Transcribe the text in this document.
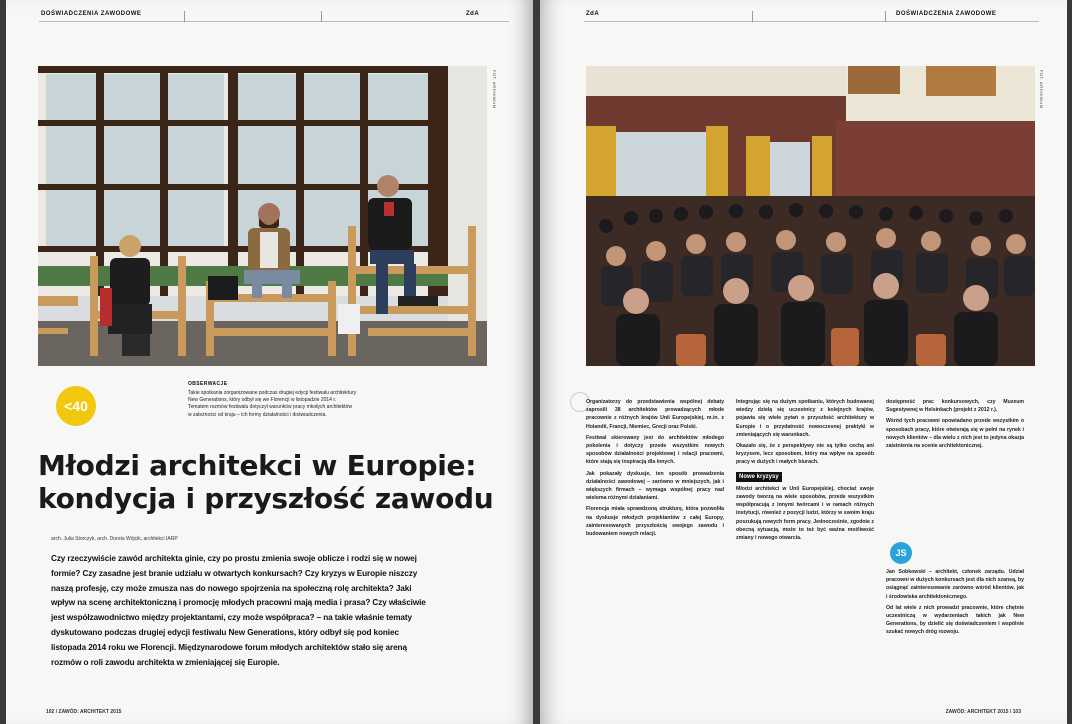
DOŚWIADCZENIA ZAWODOWE	ZdA
FOT. ARCHIWUM
<40
OBSERWACJE
Takie spotkania zorganizowane podczas drugiej edycji festiwalu architektury
New Generations, który odbył się we Florencji w listopadzie 2014 r.
Tematem rozmów festiwalu dotyczył warunków pracy młodych architektów
w zależności od kraju – ich formy działalności i doświadczenia.
Młodzi architekci w Europie:
kondycja i przyszłość zawodu
arch. Julia Storczyk, arch. Dorota Wójcik, architekci IARP
Czy rzeczywiście zawód architekta ginie, czy po prostu zmienia swoje oblicze i rodzi się w nowej
formie? Czy zasadne jest branie udziału w otwartych konkursach? Czy kryzys w Europie niszczy
naszą profesję, czy może zmusza nas do nowego spojrzenia na społeczną rolę architekta? Jaki
wpływ na scenę architektoniczną i promocję młodych pracowni mają media i prasa? Czy właściwie
jest współzawodnictwo między projektantami, czy może współpraca? – na takie właśnie tematy
dyskutowano podczas drugiej edycji festiwalu New Generations, który odbył się pod koniec
listopada 2014 roku we Florencji. Międzynarodowe forum młodych architektów stało się areną
rozmów o roli zawodu architekta w zmieniającej się Europie.
102 / ZAWÓD: ARCHITEKT 2015
ZdA	DOŚWIADCZENIA ZAWODOWE
FOT. ARCHIWUM

Organizatorzy do przedstawienia wspólnej debaty zaprosili 38 architektów prowadzących młode pracownie z różnych krajów Unii Europejskiej, m.in. z Holandii, Francji, Niemiec, Grecji oraz Polski.

Festiwal skierowany jest do architektów młodego pokolenia i dotyczy przede wszystkim nowych sposobów działalności projektowej i relacji pracowni, które stają się inspiracją dla innych.

Jak pokazały dyskusje, ten sposób prowadzenia działalności zawodowej – zarówno w mniejszych, jak i większych firmach – wymaga wspólnej pracy nad wieloma różnymi działaniami.

Florencja miała sprawdzoną strukturę, która pozwoliła na dyskusje młodych projektantów z całej Europy, zainteresowanych przyszłością swojego zawodu i budowaniem nowych relacji.

Integrując się na dużym spotkaniu, których budowanej wiedzy dzielą się uczestnicy z kolejnych krajów, pojawia się wiele pytań o przyszłość architektury w Europie i o przydatność nowoczesnej praktyki w zmieniających się warunkach.

Okazało się, że z perspektywy nie są tylko cechą ani kryzysem, lecz sposobem, który ma wpływ na sposób pracy w dużych i małych biurach.

Nowe kryzysy

Młodzi architekci w Unii Europejskiej, chociaż swoje zawody tworzą na wiele sposobów, przede wszystkim współpracują z innymi twórcami i w ramach różnych instytucji, również z pozycji ludzi, którzy w swoim kraju poszukują nowych form pracy. Jednocześnie, zgodnie z obecną sytuacją, może to też być ważna możliwość zmiany i nowego otwarcia.

dostępność prac konkursowych, czy Muzeum Sugestywnej w Helsinkach (projekt z 2012 r.).

Wśród tych pracowni opowiadano przede wszystkim o sposobach pracy, które otwierają się w pełni na rynek i nowych klientów – dla wielu z nich jest to jedyna okazja zaistnienia na scenie architektonicznej.

JS

Jan Sobkowski – architekt, członek zarządu. Udział pracowni w dużych konkursach jest dla nich szansą, by osiągnąć zainteresowanie zarówno wśród klientów, jak i środowiska architektonicznego.

Od lat wiele z nich prowadzi pracownie, które chętnie uczestniczą w wydarzeniach takich jak New Generations, by dzielić się doświadczeniem i wspólnie szukać nowych dróg rozwoju.

ZAWÓD: ARCHITEKT 2015 / 103
